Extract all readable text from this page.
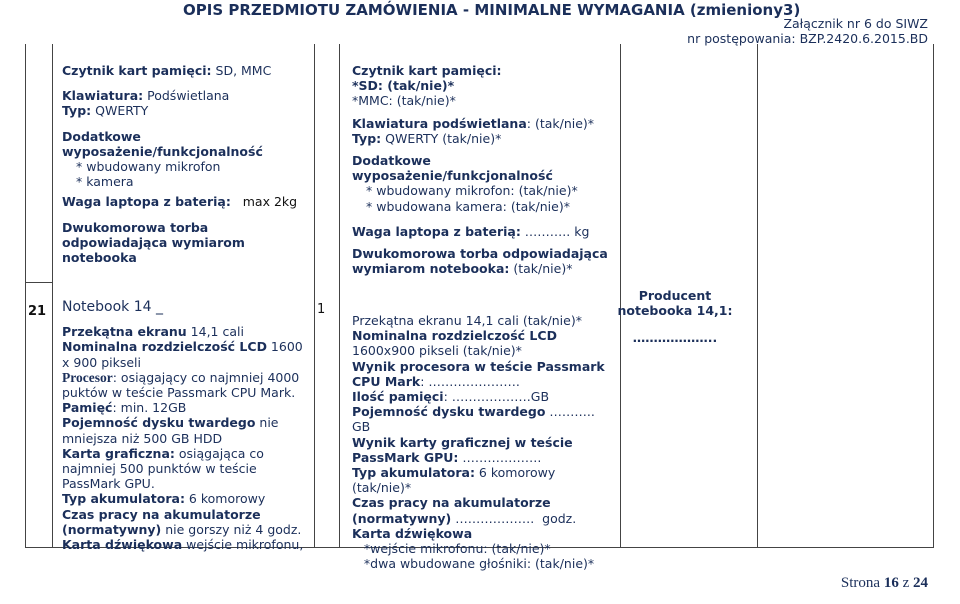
OPIS PRZEDMIOTU ZAMÓWIENIA - MINIMALNE WYMAGANIA (zmieniony3)
Załącznik nr 6 do SIWZ
nr postępowania: BZP.2420.6.2015.BD
Czytnik kart pamięci: SD, MMC
Klawiatura: Podświetlana
Typ: QWERTY
Dodatkowe
wyposażenie/funkcjonalność
* wbudowany mikrofon
* kamera
Waga laptopa z baterią:   max 2kg
Dwukomorowa torba
odpowiadająca wymiarom
notebooka
Czytnik kart pamięci:
*SD: (tak/nie)*
*MMC: (tak/nie)*
Klawiatura podświetlana: (tak/nie)*
Typ: QWERTY (tak/nie)*
Dodatkowe
wyposażenie/funkcjonalność
* wbudowany mikrofon: (tak/nie)*
* wbudowana kamera: (tak/nie)*
Waga laptopa z baterią: ……….. kg
Dwukomorowa torba odpowiadająca
wymiarom notebooka: (tak/nie)*
21	1
Notebook 14 _
Przekątna ekranu 14,1 cali
Nominalna rozdzielczość LCD 1600
x 900 pikseli
Procesor: osiągający co najmniej 4000
puktów w teście Passmark CPU Mark.
Pamięć: min. 12GB
Pojemność dysku twardego nie
mniejsza niż 500 GB HDD
Karta graficzna: osiągająca co
najmniej 500 punktów w teście
PassMark GPU.
Typ akumulatora: 6 komorowy
Czas pracy na akumulatorze
(normatywny) nie gorszy niż 4 godz.
Karta dźwiękowa wejście mikrofonu,
Przekątna ekranu 14,1 cali (tak/nie)*
Nominalna rozdzielczość LCD
1600x900 pikseli (tak/nie)*
Wynik procesora w teście Passmark
CPU Mark: ………………….
Ilość pamięci: ……………….GB
Pojemność dysku twardego ………..
GB
Wynik karty graficznej w teście
PassMark GPU: ……………….
Typ akumulatora: 6 komorowy
(tak/nie)*
Czas pracy na akumulatorze
(normatywny) ……………….  godz.
Karta dźwiękowa
*wejście mikrofonu: (tak/nie)*
*dwa wbudowane głośniki: (tak/nie)*
Producent notebooka 14,1:
………………..
Strona 16 z 24
